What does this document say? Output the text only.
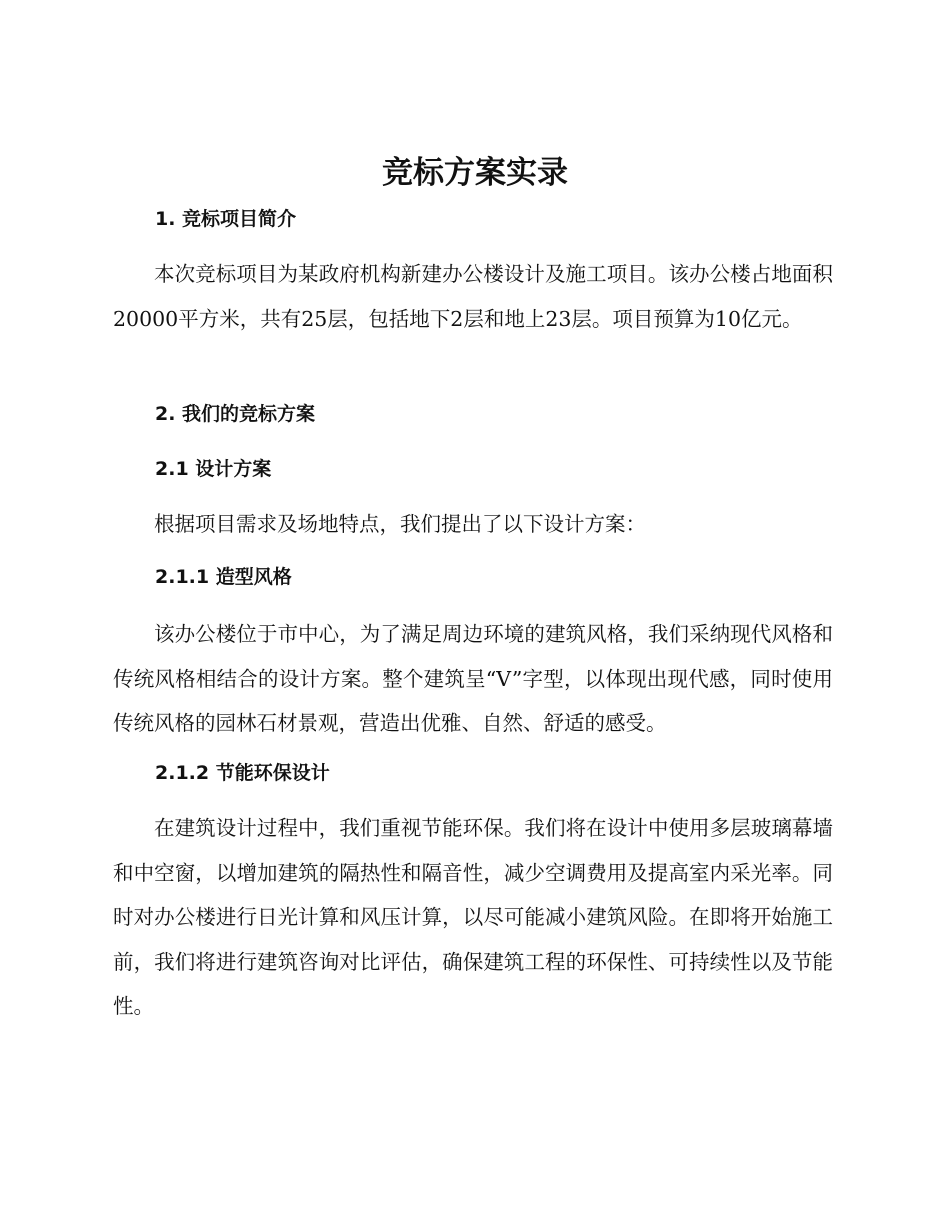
竞标方案实录
1. 竞标项目简介

本次竞标项目为某政府机构新建办公楼设计及施工项目。该办公楼占地面积20000平方米，共有25层，包括地下2层和地上23层。项目预算为10亿元。

2. 我们的竞标方案
2.1 设计方案

根据项目需求及场地特点，我们提出了以下设计方案：

2.1.1 造型风格

该办公楼位于市中心，为了满足周边环境的建筑风格，我们采纳现代风格和传统风格相结合的设计方案。整个建筑呈“V”字型，以体现出现代感，同时使用传统风格的园林石材景观，营造出优雅、自然、舒适的感受。

2.1.2 节能环保设计

在建筑设计过程中，我们重视节能环保。我们将在设计中使用多层玻璃幕墙和中空窗，以增加建筑的隔热性和隔音性，减少空调费用及提高室内采光率。同时对办公楼进行日光计算和风压计算，以尽可能减小建筑风险。在即将开始施工前，我们将进行建筑咨询对比评估，确保建筑工程的环保性、可持续性以及节能性。
